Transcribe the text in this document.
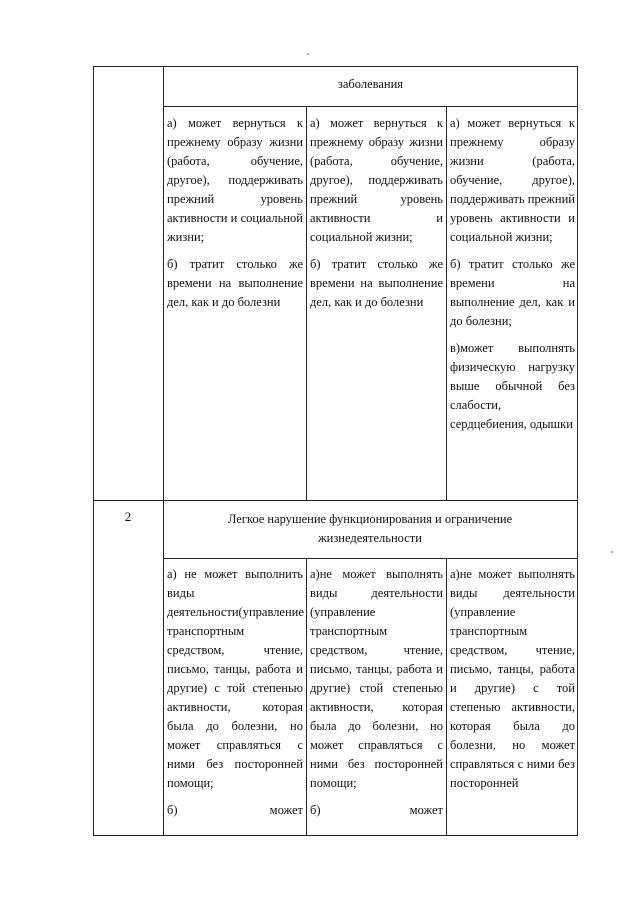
заболевания

а) может вернуться к прежнему образу жизни (работа, обучение, другое), поддерживать прежний уровень активности и социальной жизни;

б) тратит столько же времени на выполнение дел, как и до болезни

а) может вернуться к прежнему образу жизни (работа, обучение, другое), поддерживать прежний уровень активности и социальной жизни;

б) тратит столько же времени на выполнение дел, как и до болезни

а) может вернуться к прежнему образу жизни (работа, обучение, другое), поддерживать прежний уровень активности и социальной жизни;

б) тратит столько же времени на выполнение дел, как и до болезни;

в)может выполнять физическую нагрузку выше обычной без слабости, сердцебиения, одышки

2	Легкое нарушение функционирования и ограничение жизнедеятельности

а) не может выполнить виды деятельности(управление транспортным средством, чтение, письмо, танцы, работа и другие) с той степенью активности, которая была до болезни, но может справляться с ними без посторонней помощи;

б) может

а)не может выполнять виды деятельности (управление транспортным средством, чтение, письмо, танцы, работа и другие) стой степенью активности, которая была до болезни, но может справляться с ними без посторонней помощи;

б) может

а)не может выполнять виды деятельности (управление транспортным средством, чтение, письмо, танцы, работа и другие) с той степенью активности, которая была до болезни, но может справляться с ними без посторонней
